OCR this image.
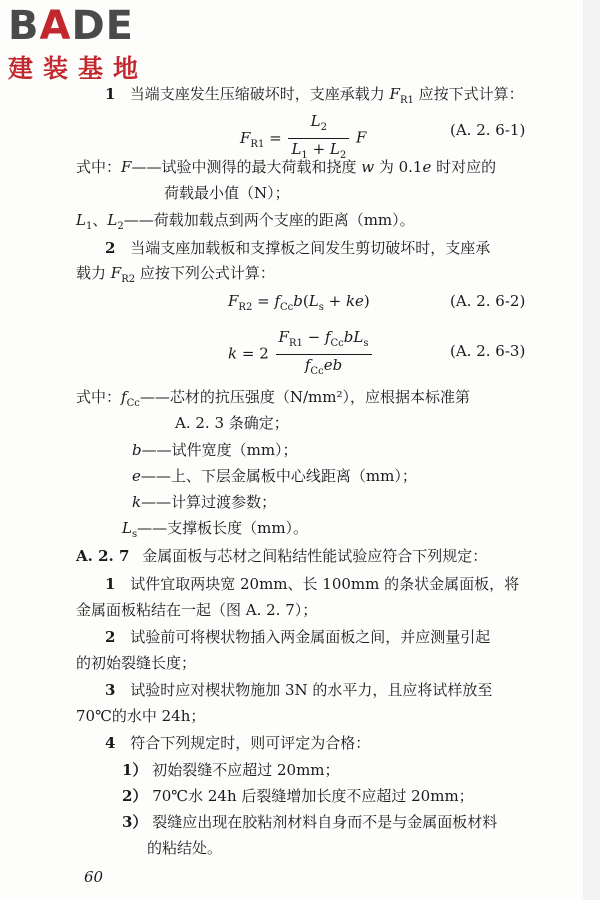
BADE
建装基地
1   当端支座发生压缩破坏时，支座承载力 $F_{R1}$ 应按下式计算：
$F_{R1} = \frac{L_2}{L_1 + L_2}$ F	(A. 2. 6-1)
式中：F——试验中测得的最大荷载和挠度 w 为 0.1e 时对应的
荷载最小值（N）；
$L_1$、$L_2——$荷载加载点到两个支座的距离（mm）。
2 当端支座加载板和支撑板之间发生剪切破坏时，支座承
载力 $F_{R2}$ 应按下列公式计算：
$F_{R2} = f_{Cc}b(L_s + ke)$	(A. 2. 6-2)
$k = 2 \frac{F_{R1} - f_{Cc}bL_s}{f_{Cc}eb}$	(A. 2. 6-3)
式中：$f_{Cc}——$芯材的抗压强度（N/mm²），应根据本标准第
A. 2. 3 条确定；
b——试件宽度（mm）；
e——上、下层金属板中心线距离（mm）；
k——计算过渡参数；
$L_s——$支撑板长度（mm）。
A. 2. 7 金属面板与芯材之间粘结性能试验应符合下列规定：
1 试件宜取两块宽 20mm、长 100mm 的条状金属面板，将
金属面板粘结在一起（图 A. 2. 7）；
2 试验前可将楔状物插入两金属面板之间，并应测量引起
的初始裂缝长度；
3 试验时应对楔状物施加 3N 的水平力，且应将试样放至
70℃的水中 24h；
4 符合下列规定时，则可评定为合格：
1） 初始裂缝不应超过 20mm；
2） 70℃水 24h 后裂缝增加长度不应超过 20mm；
3） 裂缝应出现在胶粘剂材料自身而不是与金属面板材料
的粘结处。
60
